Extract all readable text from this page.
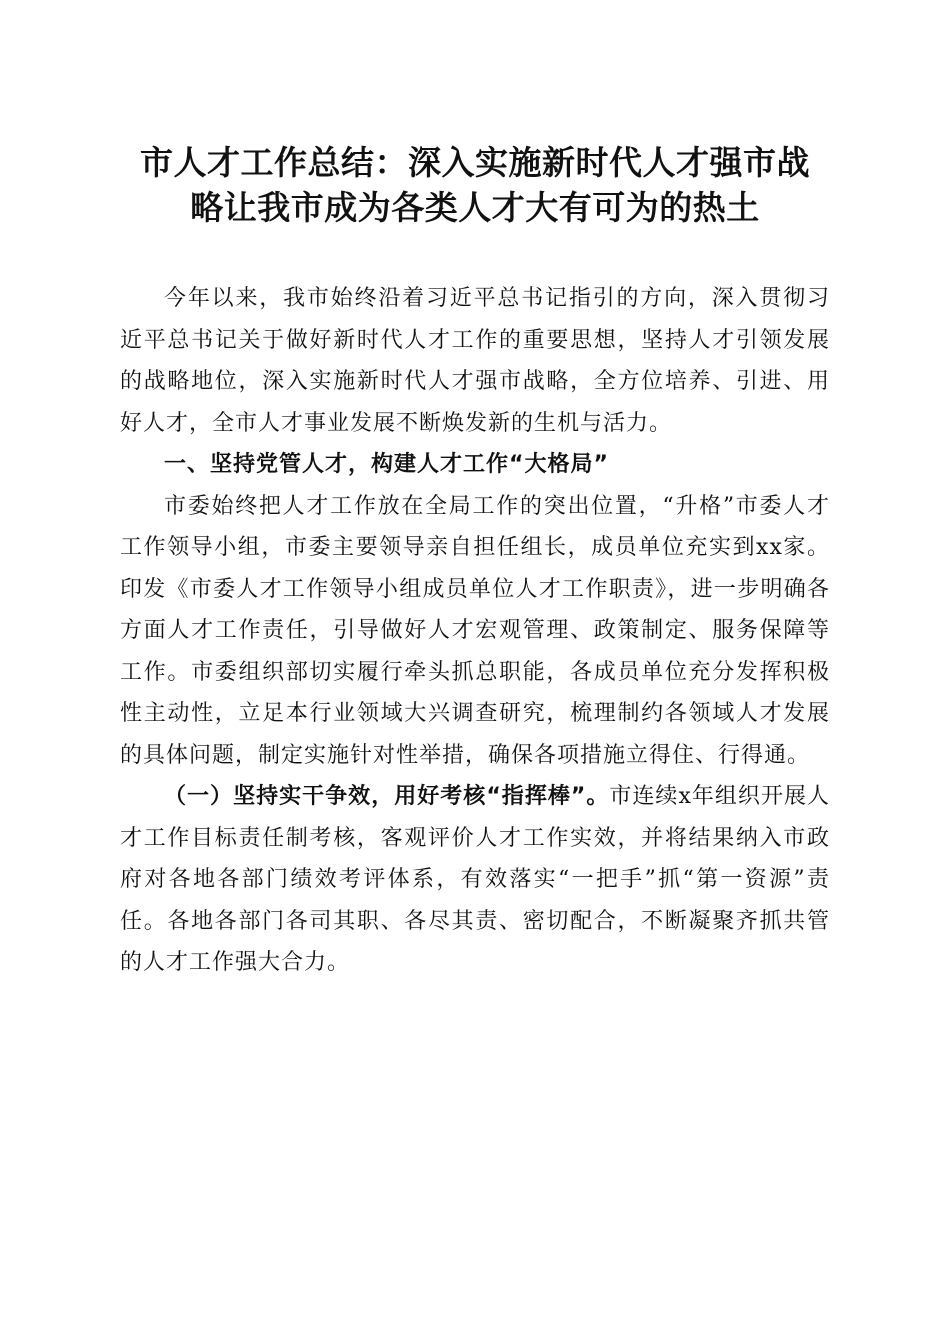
市人才工作总结：深入实施新时代人才强市战
略让我市成为各类人才大有可为的热土

今年以来，我市始终沿着习近平总书记指引的方向，深入贯彻习近平总书记关于做好新时代人才工作的重要思想，坚持人才引领发展的战略地位，深入实施新时代人才强市战略，全方位培养、引进、用好人才，全市人才事业发展不断焕发新的生机与活力。

一、坚持党管人才，构建人才工作“大格局”

市委始终把人才工作放在全局工作的突出位置，“升格”市委人才工作领导小组，市委主要领导亲自担任组长，成员单位充实到xx家。印发《市委人才工作领导小组成员单位人才工作职责》，进一步明确各方面人才工作责任，引导做好人才宏观管理、政策制定、服务保障等工作。市委组织部切实履行牵头抓总职能，各成员单位充分发挥积极性主动性，立足本行业领域大兴调查研究，梳理制约各领域人才发展的具体问题，制定实施针对性举措，确保各项措施立得住、行得通。

（一）坚持实干争效，用好考核“指挥棒”。市连续x年组织开展人才工作目标责任制考核，客观评价人才工作实效，并将结果纳入市政府对各地各部门绩效考评体系，有效落实“一把手”抓“第一资源”责任。各地各部门各司其职、各尽其责、密切配合，不断凝聚齐抓共管的人才工作强大合力。
